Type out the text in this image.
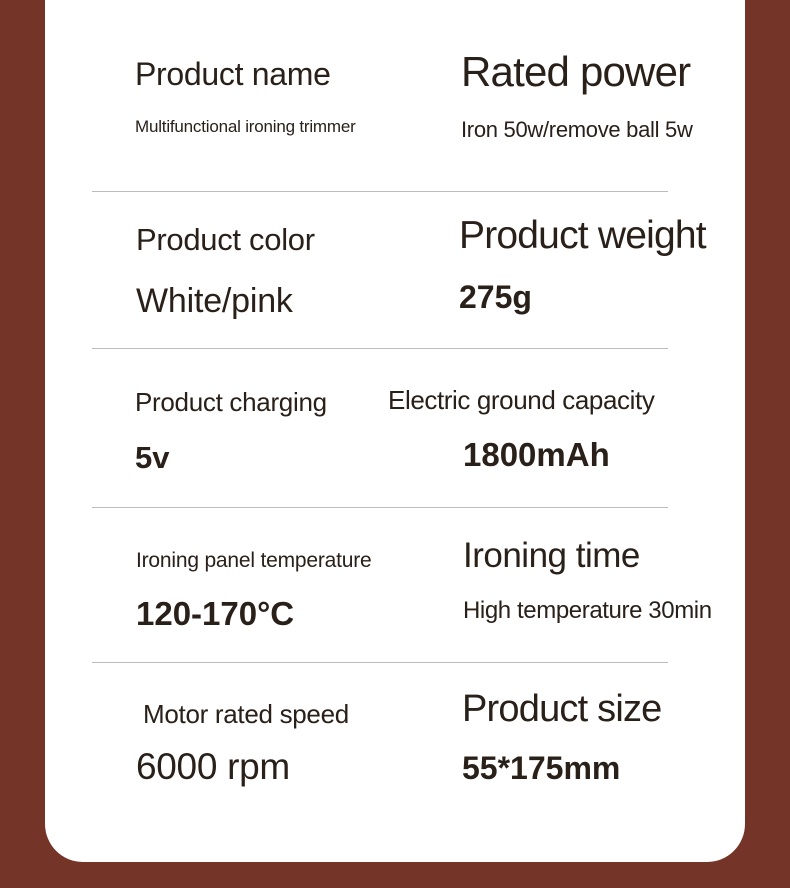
Product name
Multifunctional ironing trimmer
Rated power
Iron 50w/remove ball 5w
Product color
White/pink
Product weight
275g
Product charging
5v
Electric ground capacity
1800mAh
Ironing panel temperature
120-170°C
Ironing time
High temperature 30min
Motor rated speed
6000 rpm
Product size
55*175mm
